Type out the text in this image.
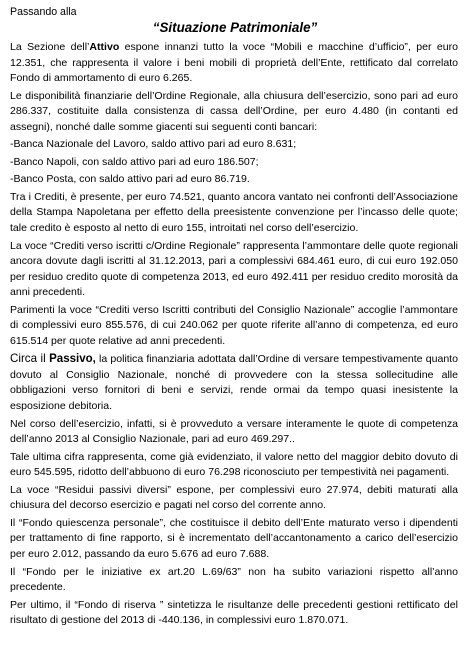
Passando alla
“Situazione Patrimoniale”

La Sezione dell’Attivo espone innanzi tutto la voce “Mobili e macchine d’ufficio”, per euro 12.351, che rappresenta il valore i beni mobili di proprietà dell’Ente, rettificato dal correlato Fondo di ammortamento di euro 6.265.

Le disponibilità finanziarie dell’Ordine Regionale, alla chiusura dell’esercizio, sono pari ad euro 286.337, costituite dalla consistenza di cassa dell’Ordine, per euro 4.480 (in contanti ed assegni), nonché dalle somme giacenti sui seguenti conti bancari:

-Banca Nazionale del Lavoro, saldo attivo pari ad euro 8.631;

-Banco Napoli, con saldo attivo pari ad euro 186.507;

-Banco Posta, con saldo attivo pari ad euro 86.719.

Tra i Crediti, è presente, per euro 74.521, quanto ancora vantato nei confronti dell’Associazione della Stampa Napoletana per effetto della preesistente convenzione per l’incasso delle quote; tale credito è esposto al netto di euro 155, introitati nel corso dell’esercizio.

La voce “Crediti verso iscritti c/Ordine Regionale” rappresenta l’ammontare delle quote regionali ancora dovute dagli iscritti al 31.12.2013, pari a complessivi 684.461 euro, di cui euro 192.050 per residuo credito quote di competenza 2013, ed euro 492.411 per residuo credito morosità da anni precedenti.

Parimenti la voce “Crediti verso Iscritti contributi del Consiglio Nazionale” accoglie l’ammontare di complessivi euro 855.576, di cui 240.062 per quote riferite all’anno di competenza, ed euro 615.514 per quote relative ad anni precedenti.

Circa il Passivo, la politica finanziaria adottata dall’Ordine di versare tempestivamente quanto dovuto al Consiglio Nazionale, nonché di provvedere con la stessa sollecitudine alle obbligazioni verso fornitori di beni e servizi, rende ormai da tempo quasi inesistente la esposizione debitoria.

Nel corso dell’esercizio, infatti, si è provveduto a versare interamente le quote di competenza dell’anno 2013 al Consiglio Nazionale, pari ad euro 469.297..

Tale ultima cifra rappresenta, come già evidenziato, il valore netto del maggior debito dovuto di euro 545.595, ridotto dell’abbuono di euro 76.298 riconosciuto per tempestività nei pagamenti.

La voce “Residui passivi diversi” espone, per complessivi euro 27.974, debiti maturati alla chiusura del decorso esercizio e pagati nel corso del corrente anno.

Il “Fondo quiescenza personale”, che costituisce il debito dell’Ente maturato verso i dipendenti per trattamento di fine rapporto, si è incrementato dell’accantonamento a carico dell’esercizio per euro 2.012, passando da euro 5.676 ad euro 7.688.

Il “Fondo per le iniziative ex art.20 L.69/63” non ha subito variazioni rispetto all’anno precedente.

Per ultimo, il “Fondo di riserva ” sintetizza le risultanze delle precedenti gestioni rettificato del risultato di gestione del 2013 di -440.136, in complessivi euro 1.870.071.
